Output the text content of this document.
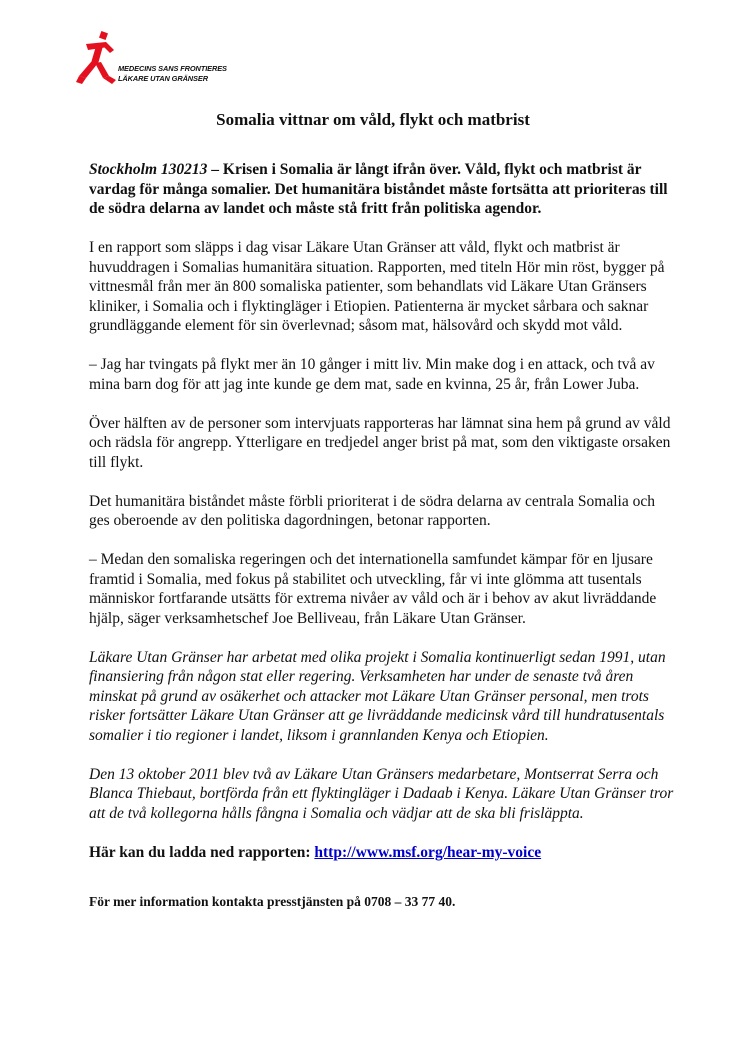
MEDECINS SANS FRONTIERES
LÄKARE UTAN GRÄNSER
Somalia vittnar om våld, flykt och matbrist

Stockholm 130213 – Krisen i Somalia är långt ifrån över. Våld, flykt och matbrist är vardag för många somalier. Det humanitära biståndet måste fortsätta att prioriteras till de södra delarna av landet och måste stå fritt från politiska agendor.

I en rapport som släpps i dag visar Läkare Utan Gränser att våld, flykt och matbrist är huvuddragen i Somalias humanitära situation. Rapporten, med titeln Hör min röst, bygger på vittnesmål från mer än 800 somaliska patienter, som behandlats vid Läkare Utan Gränsers kliniker, i Somalia och i flyktingläger i Etiopien. Patienterna är mycket sårbara och saknar grundläggande element för sin överlevnad; såsom mat, hälsovård och skydd mot våld.

– Jag har tvingats på flykt mer än 10 gånger i mitt liv. Min make dog i en attack, och två av mina barn dog för att jag inte kunde ge dem mat, sade en kvinna, 25 år, från Lower Juba.

Över hälften av de personer som intervjuats rapporteras har lämnat sina hem på grund av våld och rädsla för angrepp. Ytterligare en tredjedel anger brist på mat, som den viktigaste orsaken till flykt.

Det humanitära biståndet måste förbli prioriterat i de södra delarna av centrala Somalia och ges oberoende av den politiska dagordningen, betonar rapporten.

– Medan den somaliska regeringen och det internationella samfundet kämpar för en ljusare framtid i Somalia, med fokus på stabilitet och utveckling, får vi inte glömma att tusentals människor fortfarande utsätts för extrema nivåer av våld och är i behov av akut livräddande hjälp, säger verksamhetschef Joe Belliveau, från Läkare Utan Gränser.

Läkare Utan Gränser har arbetat med olika projekt i Somalia kontinuerligt sedan 1991, utan finansiering från någon stat eller regering. Verksamheten har under de senaste två åren minskat på grund av osäkerhet och attacker mot Läkare Utan Gränser personal, men trots risker fortsätter Läkare Utan Gränser att ge livräddande medicinsk vård till hundratusentals somalier i tio regioner i landet, liksom i grannlanden Kenya och Etiopien.

Den 13 oktober 2011 blev två av Läkare Utan Gränsers medarbetare, Montserrat Serra och Blanca Thiebaut, bortförda från ett flyktingläger i Dadaab i Kenya. Läkare Utan Gränser tror att de två kollegorna hålls fångna i Somalia och vädjar att de ska bli frisläppta.

Här kan du ladda ned rapporten: http://www.msf.org/hear-my-voice

För mer information kontakta presstjänsten på 0708 – 33 77 40.
